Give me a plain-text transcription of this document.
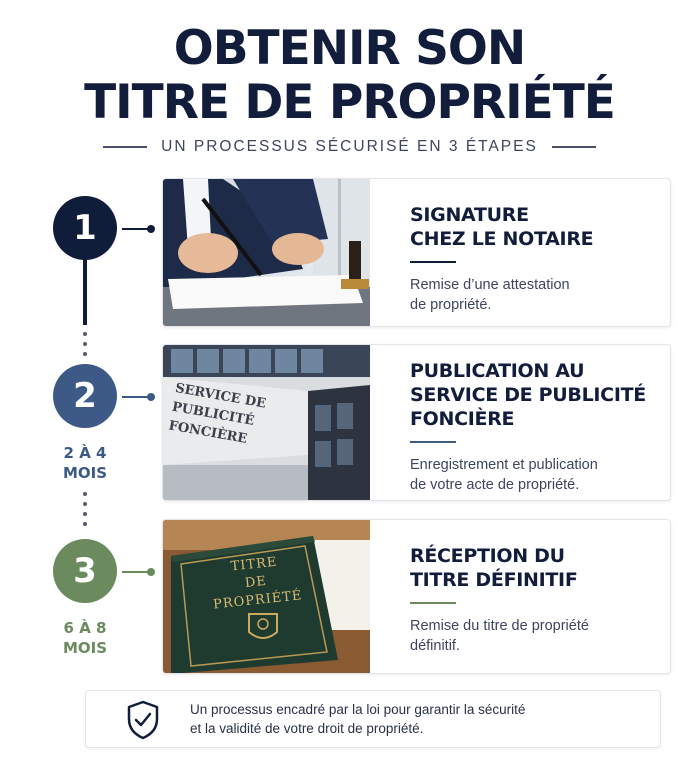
OBTENIR SON
TITRE DE PROPRIÉTÉ
UN PROCESSUS SÉCURISÉ EN 3 ÉTAPES
1
2
2 À 4
MOIS
3
6 À 8
MOIS
SIGNATURE
CHEZ LE NOTAIRE
Remise d’une attestation
de propriété.
SERVICE DE
PUBLICITÉ FONCIÈRE
PUBLICATION AU
SERVICE DE PUBLICITÉ
FONCIÈRE
Enregistrement et publication
de votre acte de propriété.
TITRE
DE
PROPRIÉTÉ
RÉCEPTION DU
TITRE DÉFINITIF
Remise du titre de propriété
définitif.
Un processus encadré par la loi pour garantir la sécurité
et la validité de votre droit de propriété.
